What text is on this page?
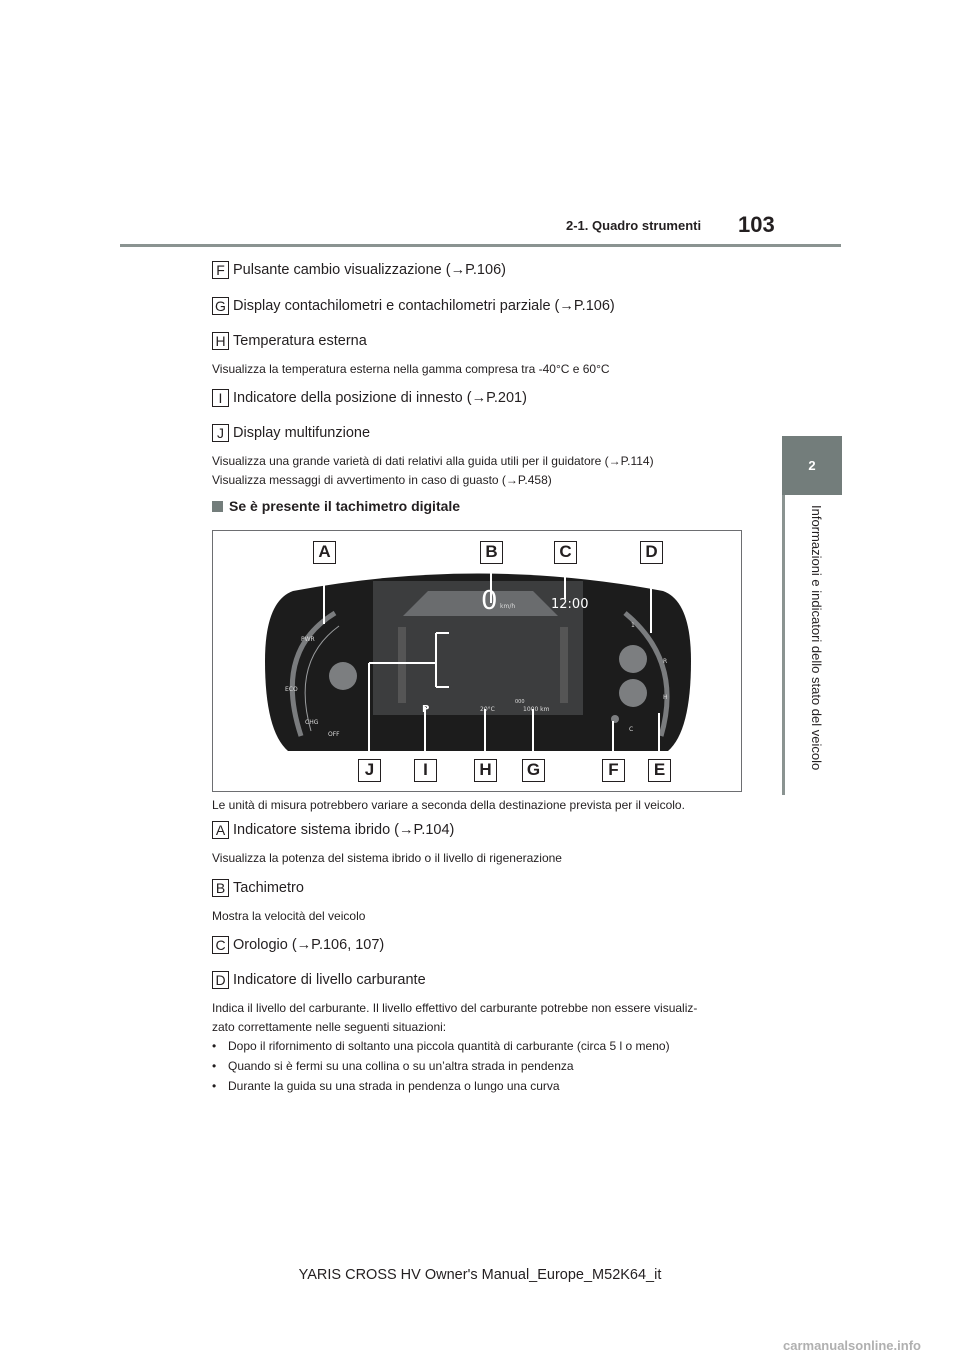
2-1. Quadro strumenti 103
2
Informazioni e indicatori dello stato del veicolo
F Pulsante cambio visualizzazione (→P.106)
G Display contachilometri e contachilometri parziale (→P.106)
H Temperatura esterna
Visualizza la temperatura esterna nella gamma compresa tra -40°C e 60°C
I Indicatore della posizione di innesto (→P.201)
J Display multifunzione
Visualizza una grande varietà di dati relativi alla guida utili per il guidatore (→P.114)
Visualizza messaggi di avvertimento in caso di guasto (→P.458)
Se è presente il tachimetro digitale
0 km/h	12:00
P	20°C
000
1000 km
PWR
ECO
CHG
OFF
1
R
H
C
A	B	C	D
J	I	H	G	F	E
Le unità di misura potrebbero variare a seconda della destinazione prevista per il veicolo.
A Indicatore sistema ibrido (→P.104)
Visualizza la potenza del sistema ibrido o il livello di rigenerazione
B Tachimetro
Mostra la velocità del veicolo
C Orologio (→P.106, 107)
D Indicatore di livello carburante
Indica il livello del carburante. Il livello effettivo del carburante potrebbe non essere visualiz-
zato correttamente nelle seguenti situazioni:
• Dopo il rifornimento di soltanto una piccola quantità di carburante (circa 5 l o meno)
• Quando si è fermi su una collina o su un’altra strada in pendenza
• Durante la guida su una strada in pendenza o lungo una curva
YARIS CROSS HV Owner's Manual_Europe_M52K64_it
carmanualsonline.info
